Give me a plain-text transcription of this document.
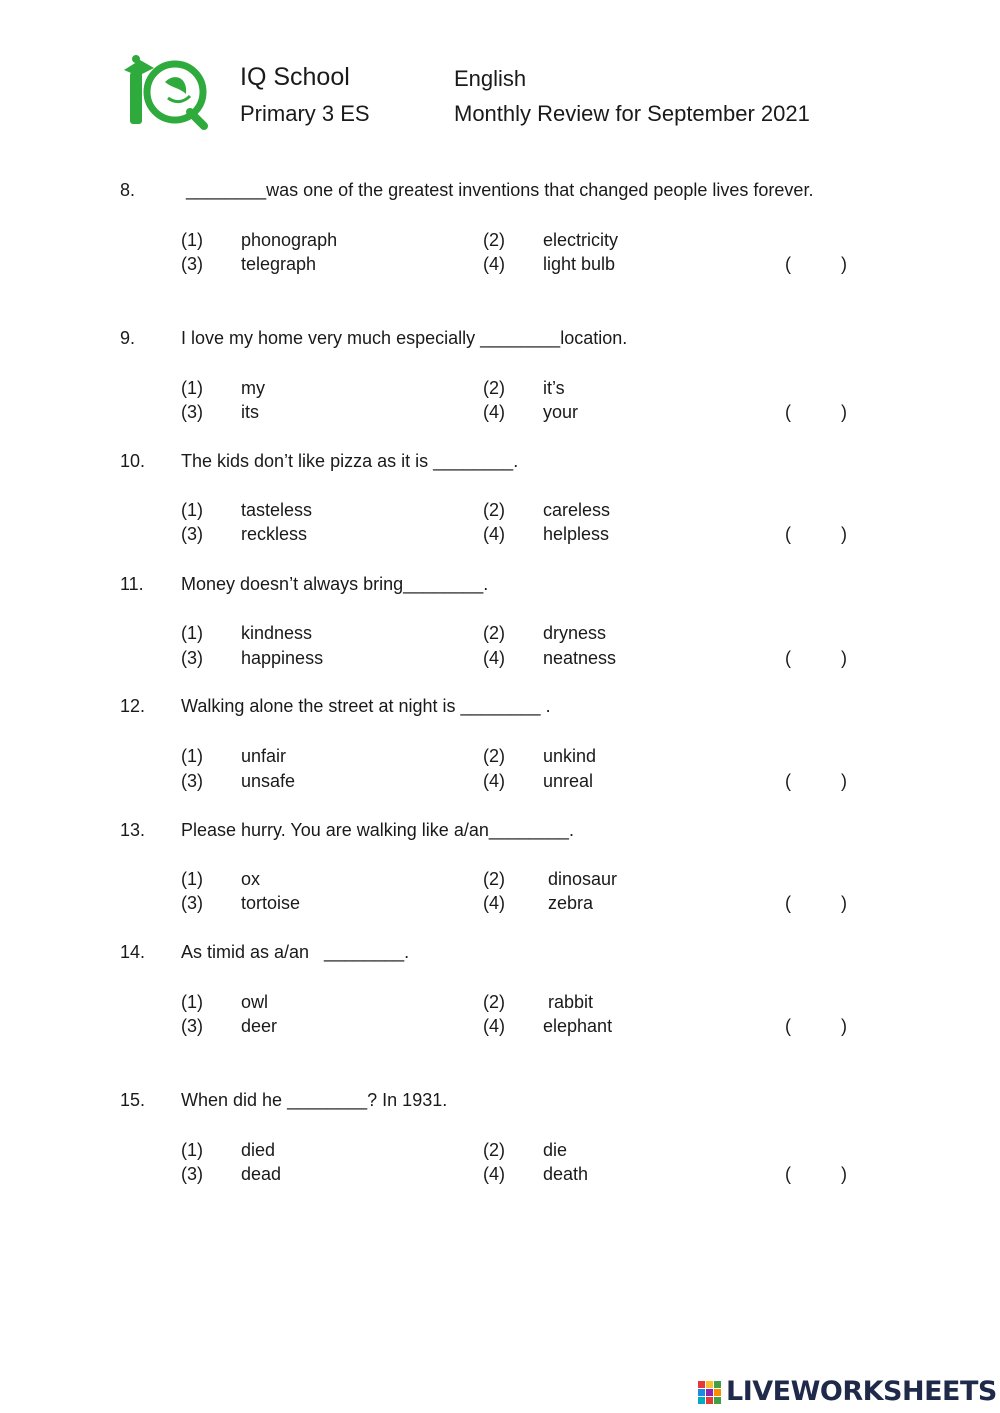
IQ School
Primary 3 ES
English
Monthly Review for September 2021
8.	________was one of the greatest inventions that changed people lives forever.
(1) phonograph	(2) electricity
(3) telegraph	(4) light bulb	(          )
9.	I love my home very much especially ________location.
(1) my	(2) it’s
(3) its	(4) your	(          )
10. The kids don’t like pizza as it is ________.
(1) tasteless	(2) careless
(3) reckless	(4) helpless	(          )
11. Money doesn’t always bring________.
(1) kindness	(2) dryness
(3) happiness	(4) neatness	(          )
12. Walking alone the street at night is ________ .
(1) unfair	(2) unkind
(3) unsafe	(4) unreal	(          )
13. Please hurry. You are walking like a/an________.
(1) ox	(2) dinosaur
(3) tortoise	(4) zebra	(          )
14. As timid as a/an   ________.
(1) owl	(2) rabbit
(3) deer	(4) elephant	(          )
15. When did he ________? In 1931.
(1) died	(2) die
(3) dead	(4) death	(          )
LIVEWORKSHEETS
